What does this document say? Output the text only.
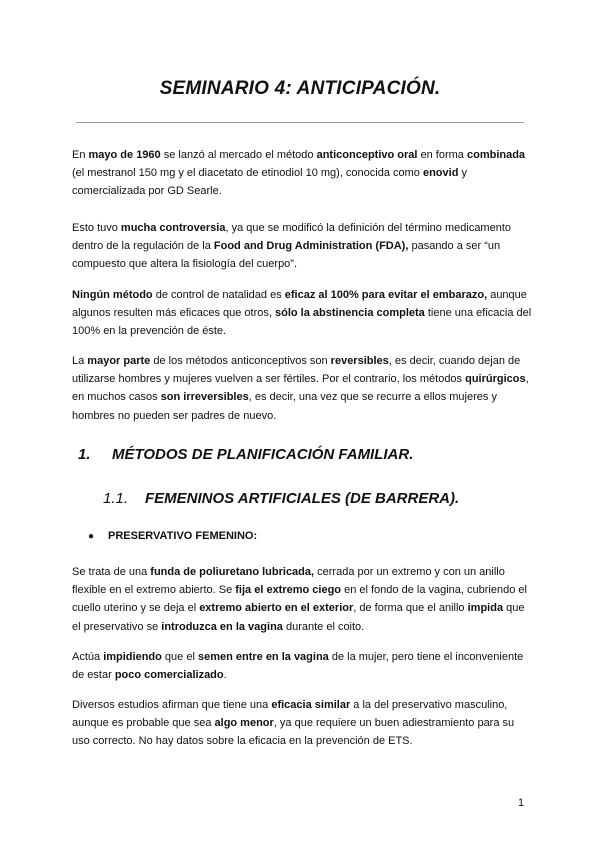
SEMINARIO 4: ANTICIPACIÓN.

En mayo de 1960 se lanzó al mercado el método anticonceptivo oral en forma combinada (el mestranol 150 mg y el diacetato de etinodiol 10 mg), conocida como enovid y comercializada por GD Searle.

Esto tuvo mucha controversia, ya que se modificó la definición del término medicamento dentro de la regulación de la Food and Drug Administration (FDA), pasando a ser “un compuesto que altera la fisiología del cuerpo”.

Ningún método de control de natalidad es eficaz al 100% para evitar el embarazo, aunque algunos resulten más eficaces que otros, sólo la abstinencia completa tiene una eficacia del 100% en la prevención de éste.

La mayor parte de los métodos anticonceptivos son reversibles, es decir, cuando dejan de utilizarse hombres y mujeres vuelven a ser fértiles. Por el contrario, los métodos quirúrgicos, en muchos casos son irreversibles, es decir, una vez que se recurre a ellos mujeres y hombres no pueden ser padres de nuevo.

1. MÉTODOS DE PLANIFICACIÓN FAMILIAR.
1.1. FEMENINOS ARTIFICIALES (DE BARRERA).
● PRESERVATIVO FEMENINO:

Se trata de una funda de poliuretano lubricada, cerrada por un extremo y con un anillo flexible en el extremo abierto. Se fija el extremo ciego en el fondo de la vagina, cubriendo el cuello uterino y se deja el extremo abierto en el exterior, de forma que el anillo impida que el preservativo se introduzca en la vagina durante el coito.

Actúa impidiendo que el semen entre en la vagina de la mujer, pero tiene el inconveniente de estar poco comercializado.

Diversos estudios afirman que tiene una eficacia similar a la del preservativo masculino, aunque es probable que sea algo menor, ya que requiere un buen adiestramiento para su uso correcto. No hay datos sobre la eficacia en la prevención de ETS.

1
